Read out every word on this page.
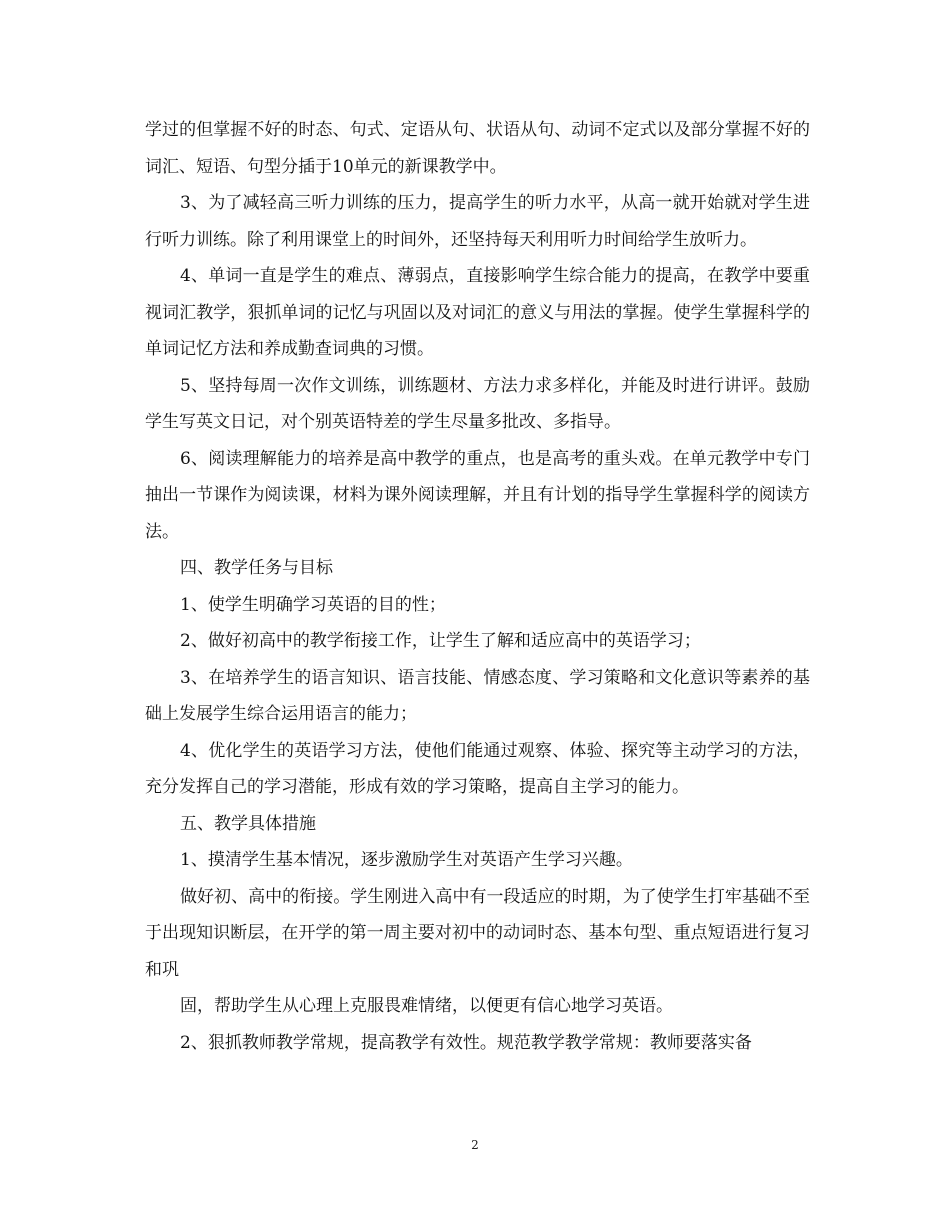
学过的但掌握不好的时态、句式、定语从句、状语从句、动词不定式以及部分掌握不好的词汇、短语、句型分插于10单元的新课教学中。

3、为了减轻高三听力训练的压力，提高学生的听力水平，从高一就开始就对学生进行听力训练。除了利用课堂上的时间外，还坚持每天利用听力时间给学生放听力。

4、单词一直是学生的难点、薄弱点，直接影响学生综合能力的提高，在教学中要重视词汇教学，狠抓单词的记忆与巩固以及对词汇的意义与用法的掌握。使学生掌握科学的单词记忆方法和养成勤查词典的习惯。

5、坚持每周一次作文训练，训练题材、方法力求多样化，并能及时进行讲评。鼓励学生写英文日记，对个别英语特差的学生尽量多批改、多指导。

6、阅读理解能力的培养是高中教学的重点，也是高考的重头戏。在单元教学中专门抽出一节课作为阅读课，材料为课外阅读理解，并且有计划的指导学生掌握科学的阅读方法。

四、教学任务与目标

1、使学生明确学习英语的目的性；

2、做好初高中的教学衔接工作，让学生了解和适应高中的英语学习；

3、在培养学生的语言知识、语言技能、情感态度、学习策略和文化意识等素养的基础上发展学生综合运用语言的能力；

4、优化学生的英语学习方法，使他们能通过观察、体验、探究等主动学习的方法，充分发挥自己的学习潜能，形成有效的学习策略，提高自主学习的能力。

五、教学具体措施

1、摸清学生基本情况，逐步激励学生对英语产生学习兴趣。

做好初、高中的衔接。学生刚进入高中有一段适应的时期，为了使学生打牢基础不至于出现知识断层，在开学的第一周主要对初中的动词时态、基本句型、重点短语进行复习和巩

固，帮助学生从心理上克服畏难情绪，以便更有信心地学习英语。

2、狠抓教师教学常规，提高教学有效性。规范教学教学常规：教师要落实备

2
